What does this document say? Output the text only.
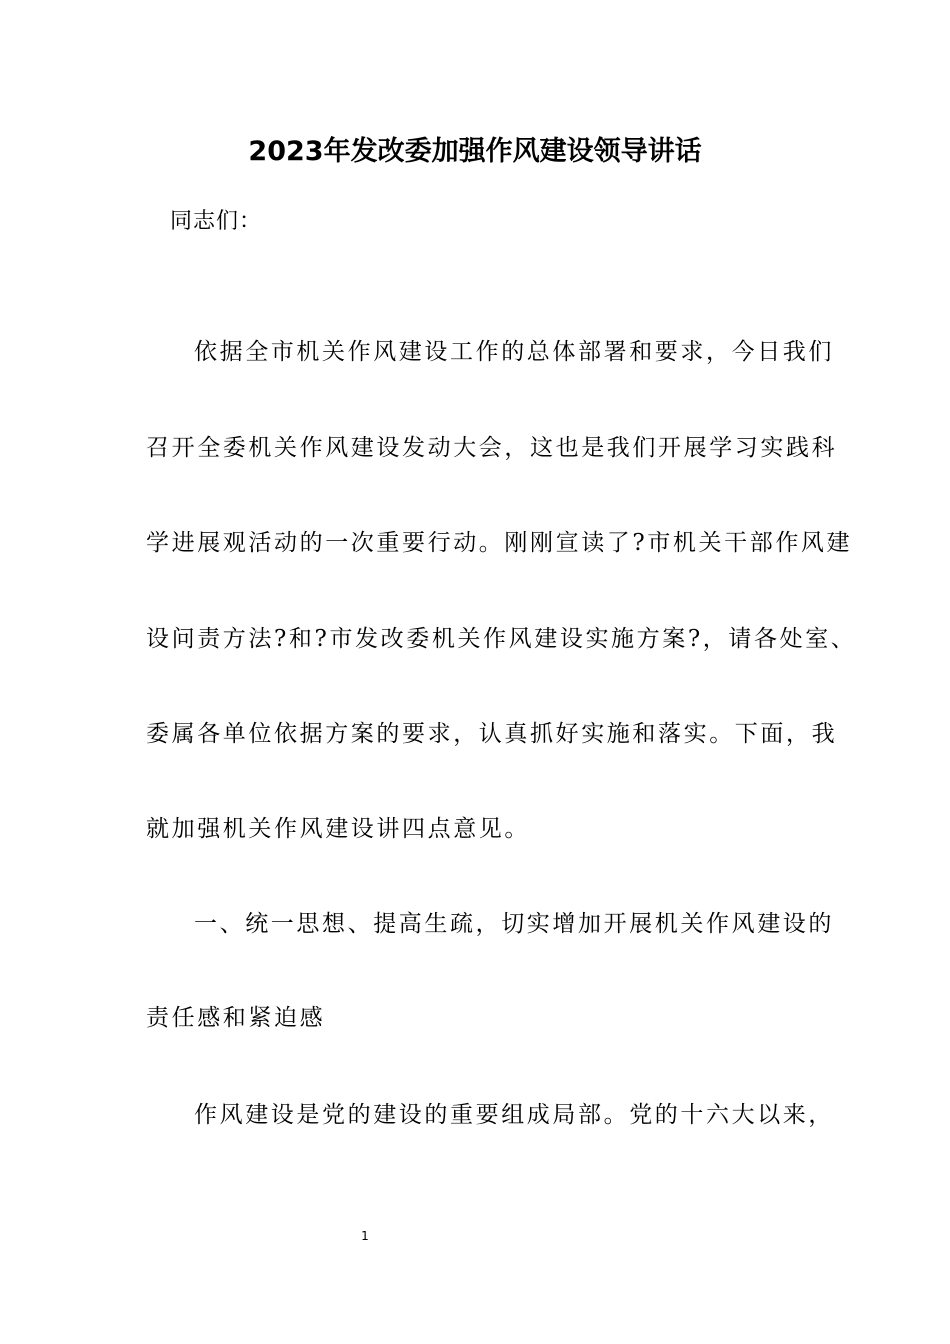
2023年发改委加强作风建设领导讲话
同志们：
依据全市机关作风建设工作的总体部署和要求，今日我们
召开全委机关作风建设发动大会，这也是我们开展学习实践科
学进展观活动的一次重要行动。刚刚宣读了?市机关干部作风建
设问责方法?和?市发改委机关作风建设实施方案?，请各处室、
委属各单位依据方案的要求，认真抓好实施和落实。下面，我
就加强机关作风建设讲四点意见。
一、统一思想、提高生疏，切实增加开展机关作风建设的
责任感和紧迫感
作风建设是党的建设的重要组成局部。党的十六大以来，
1
